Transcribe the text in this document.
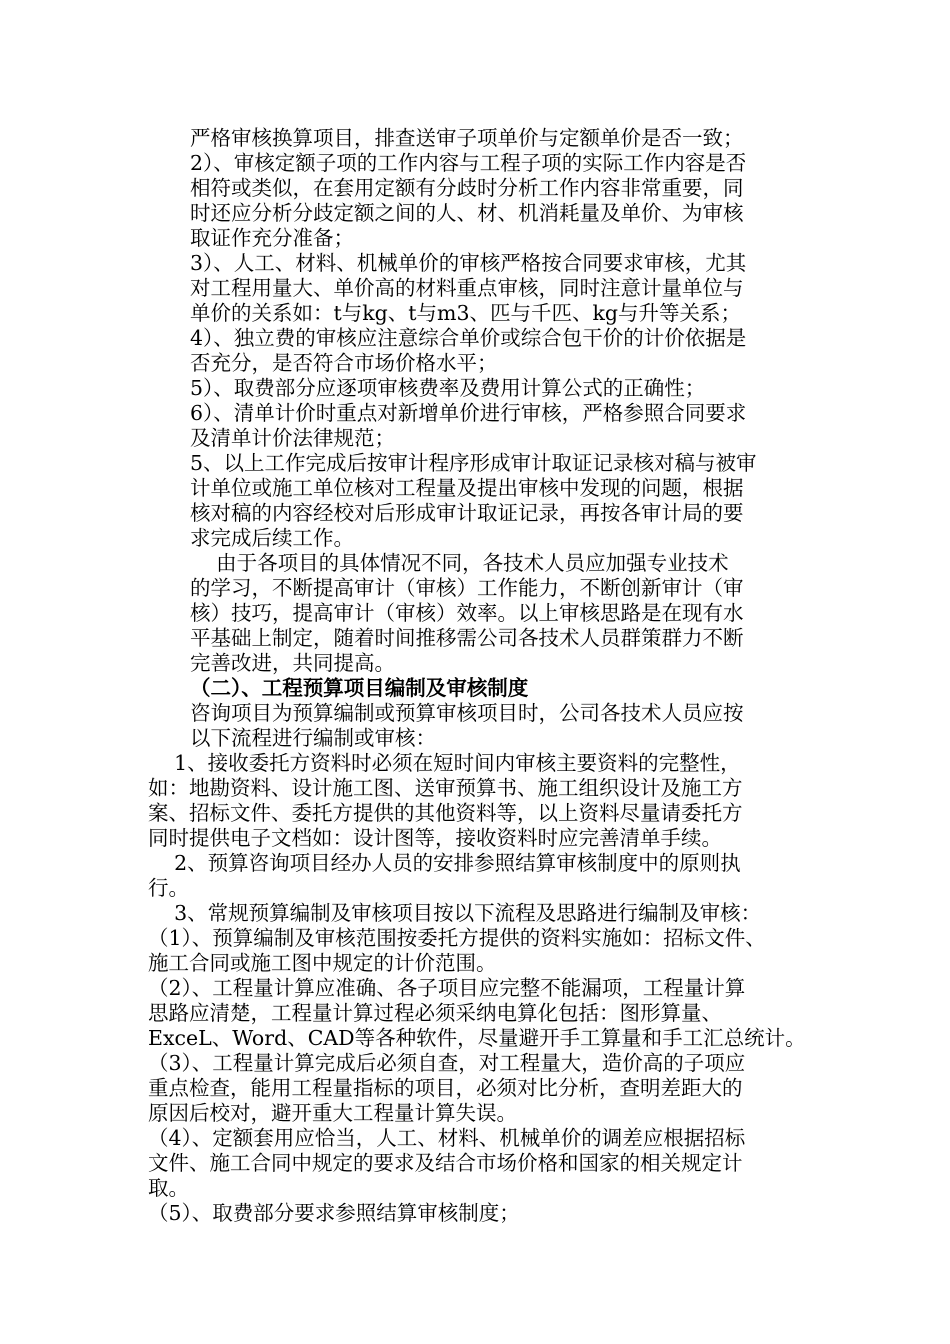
严格审核换算项目，排查送审子项单价与定额单价是否一致；
2）、审核定额子项的工作内容与工程子项的实际工作内容是否
相符或类似，在套用定额有分歧时分析工作内容非常重要，同
时还应分析分歧定额之间的人、材、机消耗量及单价、为审核
取证作充分准备；
3）、人工、材料、机械单价的审核严格按合同要求审核，尤其
对工程用量大、单价高的材料重点审核，同时注意计量单位与
单价的关系如：t与kg、t与m3、匹与千匹、kg与升等关系；
4）、独立费的审核应注意综合单价或综合包干价的计价依据是
否充分，是否符合市场价格水平；
5）、取费部分应逐项审核费率及费用计算公式的正确性；
6）、清单计价时重点对新增单价进行审核，严格参照合同要求
及清单计价法律规范；
5、以上工作完成后按审计程序形成审计取证记录核对稿与被审
计单位或施工单位核对工程量及提出审核中发现的问题，根据
核对稿的内容经校对后形成审计取证记录，再按各审计局的要
求完成后续工作。
由于各项目的具体情况不同，各技术人员应加强专业技术
的学习，不断提高审计（审核）工作能力，不断创新审计（审
核）技巧，提高审计（审核）效率。以上审核思路是在现有水
平基础上制定，随着时间推移需公司各技术人员群策群力不断
完善改进，共同提高。
（二）、工程预算项目编制及审核制度
咨询项目为预算编制或预算审核项目时，公司各技术人员应按
以下流程进行编制或审核：
1、接收委托方资料时必须在短时间内审核主要资料的完整性，
如：地勘资料、设计施工图、送审预算书、施工组织设计及施工方
案、招标文件、委托方提供的其他资料等，以上资料尽量请委托方
同时提供电子文档如：设计图等，接收资料时应完善清单手续。
2、预算咨询项目经办人员的安排参照结算审核制度中的原则执
行。
3、常规预算编制及审核项目按以下流程及思路进行编制及审核：
（1）、预算编制及审核范围按委托方提供的资料实施如：招标文件、
施工合同或施工图中规定的计价范围。
（2）、工程量计算应准确、各子项目应完整不能漏项，工程量计算
思路应清楚，工程量计算过程必须采纳电算化包括：图形算量、
ExceL、Word、CAD等各种软件，尽量避开手工算量和手工汇总统计。
（3）、工程量计算完成后必须自查，对工程量大，造价高的子项应
重点检查，能用工程量指标的项目，必须对比分析，查明差距大的
原因后校对，避开重大工程量计算失误。
（4）、定额套用应恰当，人工、材料、机械单价的调差应根据招标
文件、施工合同中规定的要求及结合市场价格和国家的相关规定计
取。
（5）、取费部分要求参照结算审核制度；
